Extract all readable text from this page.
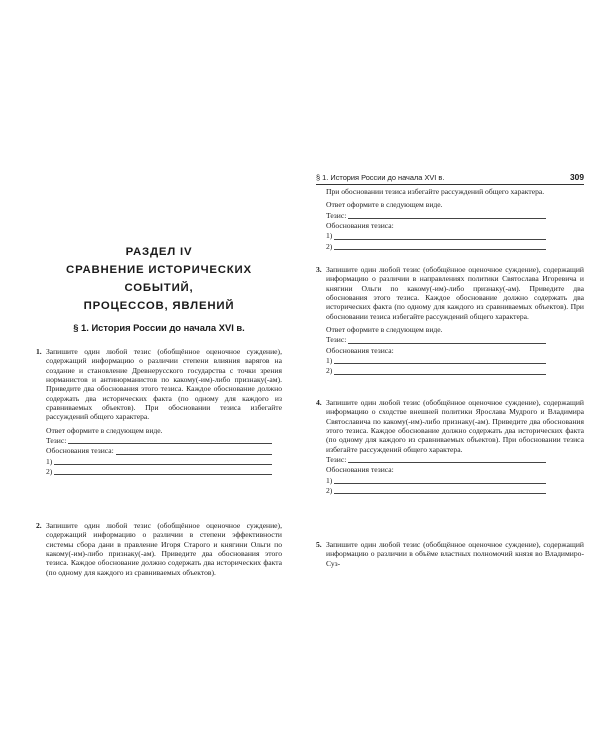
РАЗДЕЛ IV
СРАВНЕНИЕ ИСТОРИЧЕСКИХ СОБЫТИЙ,
ПРОЦЕССОВ, ЯВЛЕНИЙ
§ 1. История России до начала XVI в.
1. Запишите один любой тезис (обобщённое оценочное суждение), содержащий информацию о различии степени влияния варягов на создание и становление Древнерусского государства с точки зрения норманистов и антинорманистов по какому(-им)-либо признаку(-ам). Приведите два обоснования этого тезиса. Каждое обоснование должно содержать два исторических факта (по одному для каждого из сравниваемых объектов). При обосновании тезиса избегайте рассуждений общего характера.
Ответ оформите в следующем виде.
Тезис:
Обоснования тезиса:
1)
2)
2. Запишите один любой тезис (обобщённое оценочное суждение), содержащий информацию о различии в степени эффективности системы сбора дани в правление Игоря Старого и княгини Ольги по какому(-им)-либо признаку(-ам). Приведите два обоснования этого тезиса. Каждое обоснование должно содержать два исторических факта (по одному для каждого из сравниваемых объектов).
§ 1. История России до начала XVI в.	309
При обосновании тезиса избегайте рассуждений общего характера.
Ответ оформите в следующем виде.
Тезис:
Обоснования тезиса:
1)
2)
3. Запишите один любой тезис (обобщённое оценочное суждение), содержащий информацию о различии в направлениях политики Святослава Игоревича и княгини Ольги по какому(-им)-либо признаку(-ам). Приведите два обоснования этого тезиса. Каждое обоснование должно содержать два исторических факта (по одному для каждого из сравниваемых объектов). При обосновании тезиса избегайте рассуждений общего характера.
Ответ оформите в следующем виде.
Тезис:
Обоснования тезиса:
1)
2)
4. Запишите один любой тезис (обобщённое оценочное суждение), содержащий информацию о сходстве внешней политики Ярослава Мудрого и Владимира Святославича по какому(-им)-либо признаку(-ам). Приведите два обоснования этого тезиса. Каждое обоснование должно содержать два исторических факта (по одному для каждого из сравниваемых объектов). При обосновании тезиса избегайте рассуждений общего характера.
Тезис:
Обоснования тезиса:
1)
2)
5. Запишите один любой тезис (обобщённое оценочное суждение), содержащий информацию о различии в объёме властных полномочий князя во Владимиро-Суз-
